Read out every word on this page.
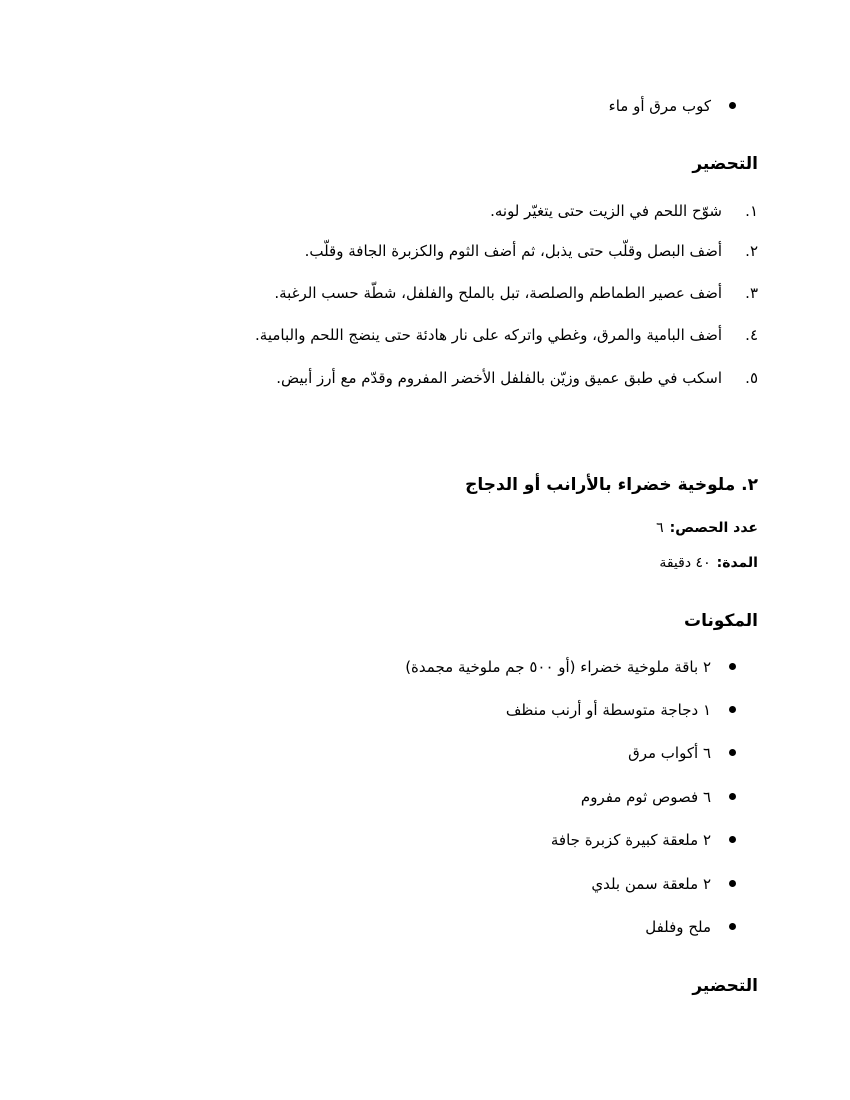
كوب مرق أو ماء
التحضير
١.شوّح اللحم في الزيت حتى يتغيّر لونه.
٢.أضف البصل وقلّب حتى يذبل، ثم أضف الثوم والكزبرة الجافة وقلّب.
٣.أضف عصير الطماطم والصلصة، تبل بالملح والفلفل، شطّة حسب الرغبة.
٤.أضف البامية والمرق، وغطي واتركه على نار هادئة حتى ينضج اللحم والبامية.
٥.اسكب في طبق عميق وزيّن بالفلفل الأخضر المفروم وقدّم مع أرز أبيض.
٢. ملوخية خضراء بالأرانب أو الدجاج
عدد الحصص:٦
المدة:٤٠ دقيقة
المكونات
٢ باقة ملوخية خضراء (أو ٥٠٠ جم ملوخية مجمدة)
١ دجاجة متوسطة أو أرنب منظف
٦ أكواب مرق
٦ فصوص ثوم مفروم
٢ ملعقة كبيرة كزبرة جافة
٢ ملعقة سمن بلدي
ملح وفلفل
التحضير
